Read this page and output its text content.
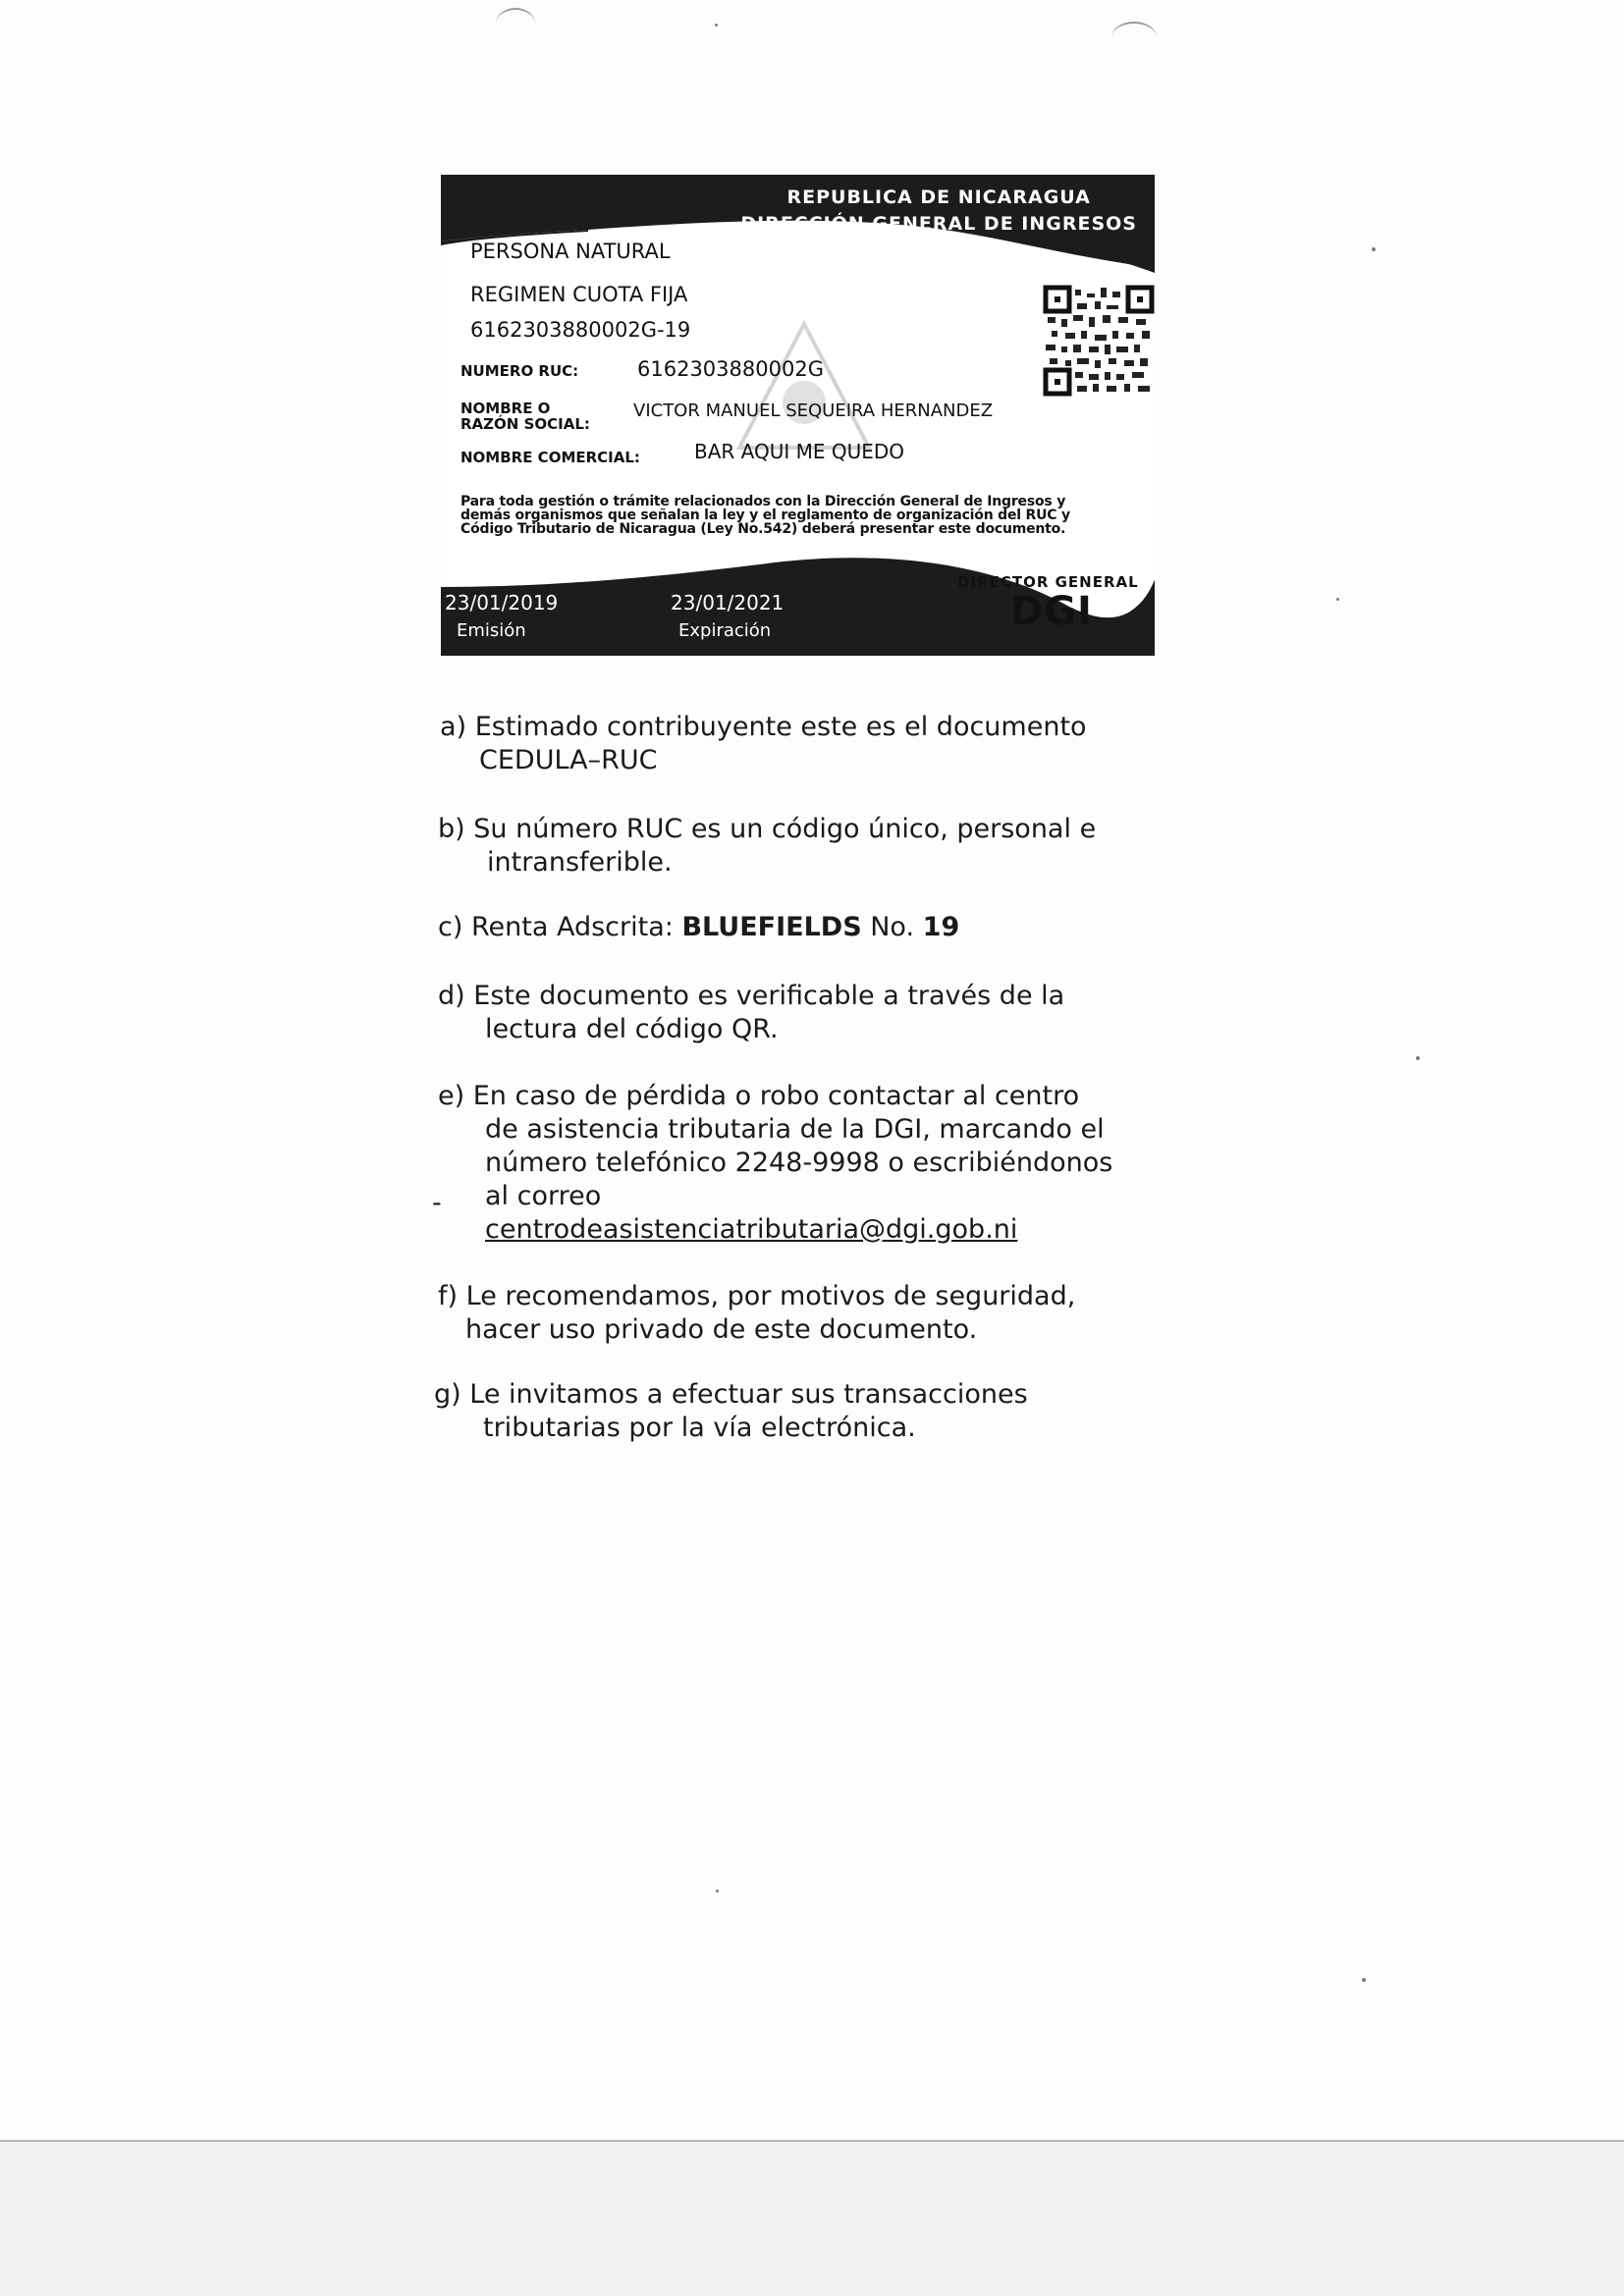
REPUBLICA DE NICARAGUA
DIRECCIÓN GENERAL DE INGRESOS
CEDULA - RUC
PERSONA NATURAL
REGIMEN CUOTA FIJA
6162303880002G-19
NUMERO RUC:	6162303880002G
NOMBRE O
RAZÓN SOCIAL:
VICTOR MANUEL SEQUEIRA HERNANDEZ
NOMBRE COMERCIAL:	BAR AQUI ME QUEDO
Para toda gestión o trámite relacionados con la Dirección General de Ingresos y demás organismos que señalan la ley y el reglamento de organización del RUC y Código Tributario de Nicaragua (Ley No.542) deberá presentar este documento.
23/01/2019
Emisión
23/01/2021
Expiración
DIRECTOR GENERAL
DGI
a) Estimado contribuyente este es el documento
CEDULA–RUC
b) Su número RUC es un código único, personal e
intransferible.
c) Renta Adscrita: BLUEFIELDS No. 19
d) Este documento es verificable a través de la
lectura del código QR.
e) En caso de pérdida o robo contactar al centro
de asistencia tributaria de la DGI, marcando el
número telefónico 2248-9998 o escribiéndonos
al correo
centrodeasistenciatributaria@dgi.gob.ni
-
f) Le recomendamos, por motivos de seguridad,
hacer uso privado de este documento.
g) Le invitamos a efectuar sus transacciones
tributarias por la vía electrónica.
